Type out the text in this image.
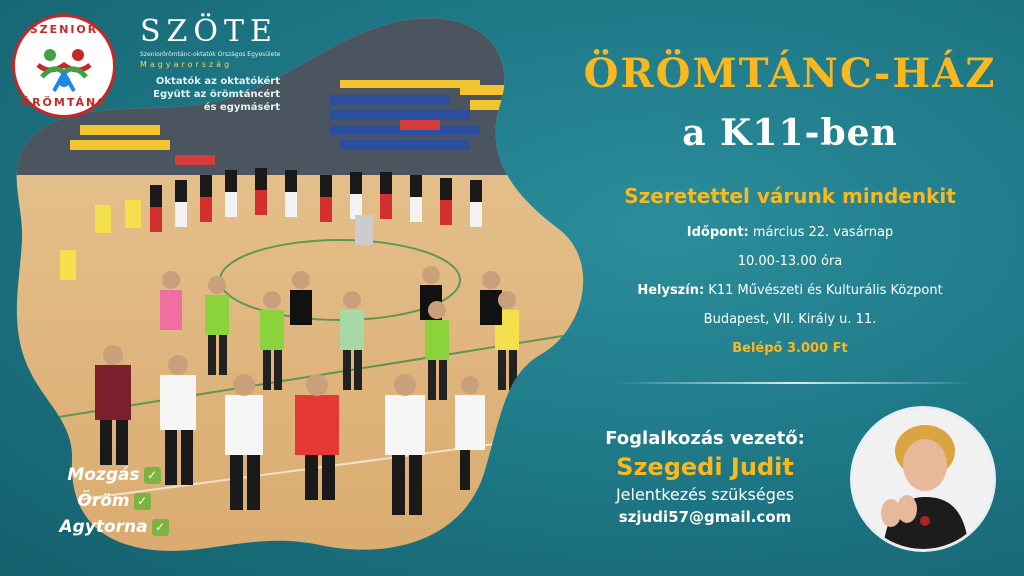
SZENIOR
ÖRÖMTÁNC
SZÖTE
Szeniorörömtánc-oktatók Országos Egyesülete
Magyarország
Oktatók az oktatókért
Együtt az örömtáncért
és egymásért
ÖRÖMTÁNC-HÁZ
a K11-ben
Szeretettel várunk mindenkit
Időpont: március 22. vasárnap
10.00-13.00 óra
Helyszín: K11 Művészeti és Kulturális Központ
Budapest, VII. Király u. 11.
Belépő 3.000 Ft
Foglalkozás vezető:
Szegedi Judit
Jelentkezés szükséges
szjudi57@gmail.com
Mozgás ✓
Öröm ✓
Agytorna ✓
